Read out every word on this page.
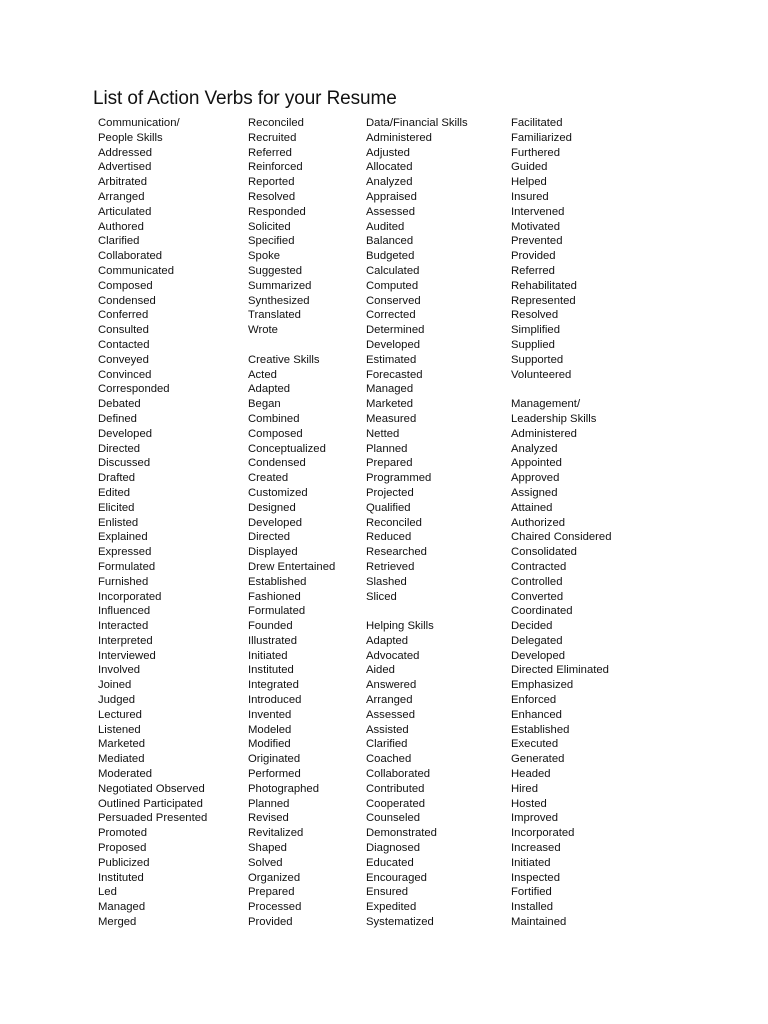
List of Action Verbs for your Resume
Communication/
People Skills
Addressed
Advertised
Arbitrated
Arranged
Articulated
Authored
Clarified
Collaborated
Communicated
Composed
Condensed
Conferred
Consulted
Contacted
Conveyed
Convinced
Corresponded
Debated
Defined
Developed
Directed
Discussed
Drafted
Edited
Elicited
Enlisted
Explained
Expressed
Formulated
Furnished
Incorporated
Influenced
Interacted
Interpreted
Interviewed
Involved
Joined
Judged
Lectured
Listened
Marketed
Mediated
Moderated
Negotiated Observed
Outlined Participated
Persuaded Presented
Promoted
Proposed
Publicized
Instituted
Led
Managed
Merged
Reconciled
Recruited
Referred
Reinforced
Reported
Resolved
Responded
Solicited
Specified
Spoke
Suggested
Summarized
Synthesized
Translated
Wrote
Creative Skills
Acted
Adapted
Began
Combined
Composed
Conceptualized
Condensed
Created
Customized
Designed
Developed
Directed
Displayed
Drew Entertained
Established
Fashioned
Formulated
Founded
Illustrated
Initiated
Instituted
Integrated
Introduced
Invented
Modeled
Modified
Originated
Performed
Photographed
Planned
Revised
Revitalized
Shaped
Solved
Organized
Prepared
Processed
Provided
Data/Financial Skills
Administered
Adjusted
Allocated
Analyzed
Appraised
Assessed
Audited
Balanced
Budgeted
Calculated
Computed
Conserved
Corrected
Determined
Developed
Estimated
Forecasted
Managed
Marketed
Measured
Netted
Planned
Prepared
Programmed
Projected
Qualified
Reconciled
Reduced
Researched
Retrieved
Slashed
Sliced
Helping Skills
Adapted
Advocated
Aided
Answered
Arranged
Assessed
Assisted
Clarified
Coached
Collaborated
Contributed
Cooperated
Counseled
Demonstrated
Diagnosed
Educated
Encouraged
Ensured
Expedited
Systematized
Facilitated
Familiarized
Furthered
Guided
Helped
Insured
Intervened
Motivated
Prevented
Provided
Referred
Rehabilitated
Represented
Resolved
Simplified
Supplied
Supported
Volunteered
Management/
Leadership Skills
Administered
Analyzed
Appointed
Approved
Assigned
Attained
Authorized
Chaired Considered
Consolidated
Contracted
Controlled
Converted
Coordinated
Decided
Delegated
Developed
Directed Eliminated
Emphasized
Enforced
Enhanced
Established
Executed
Generated
Headed
Hired
Hosted
Improved
Incorporated
Increased
Initiated
Inspected
Fortified
Installed
Maintained
